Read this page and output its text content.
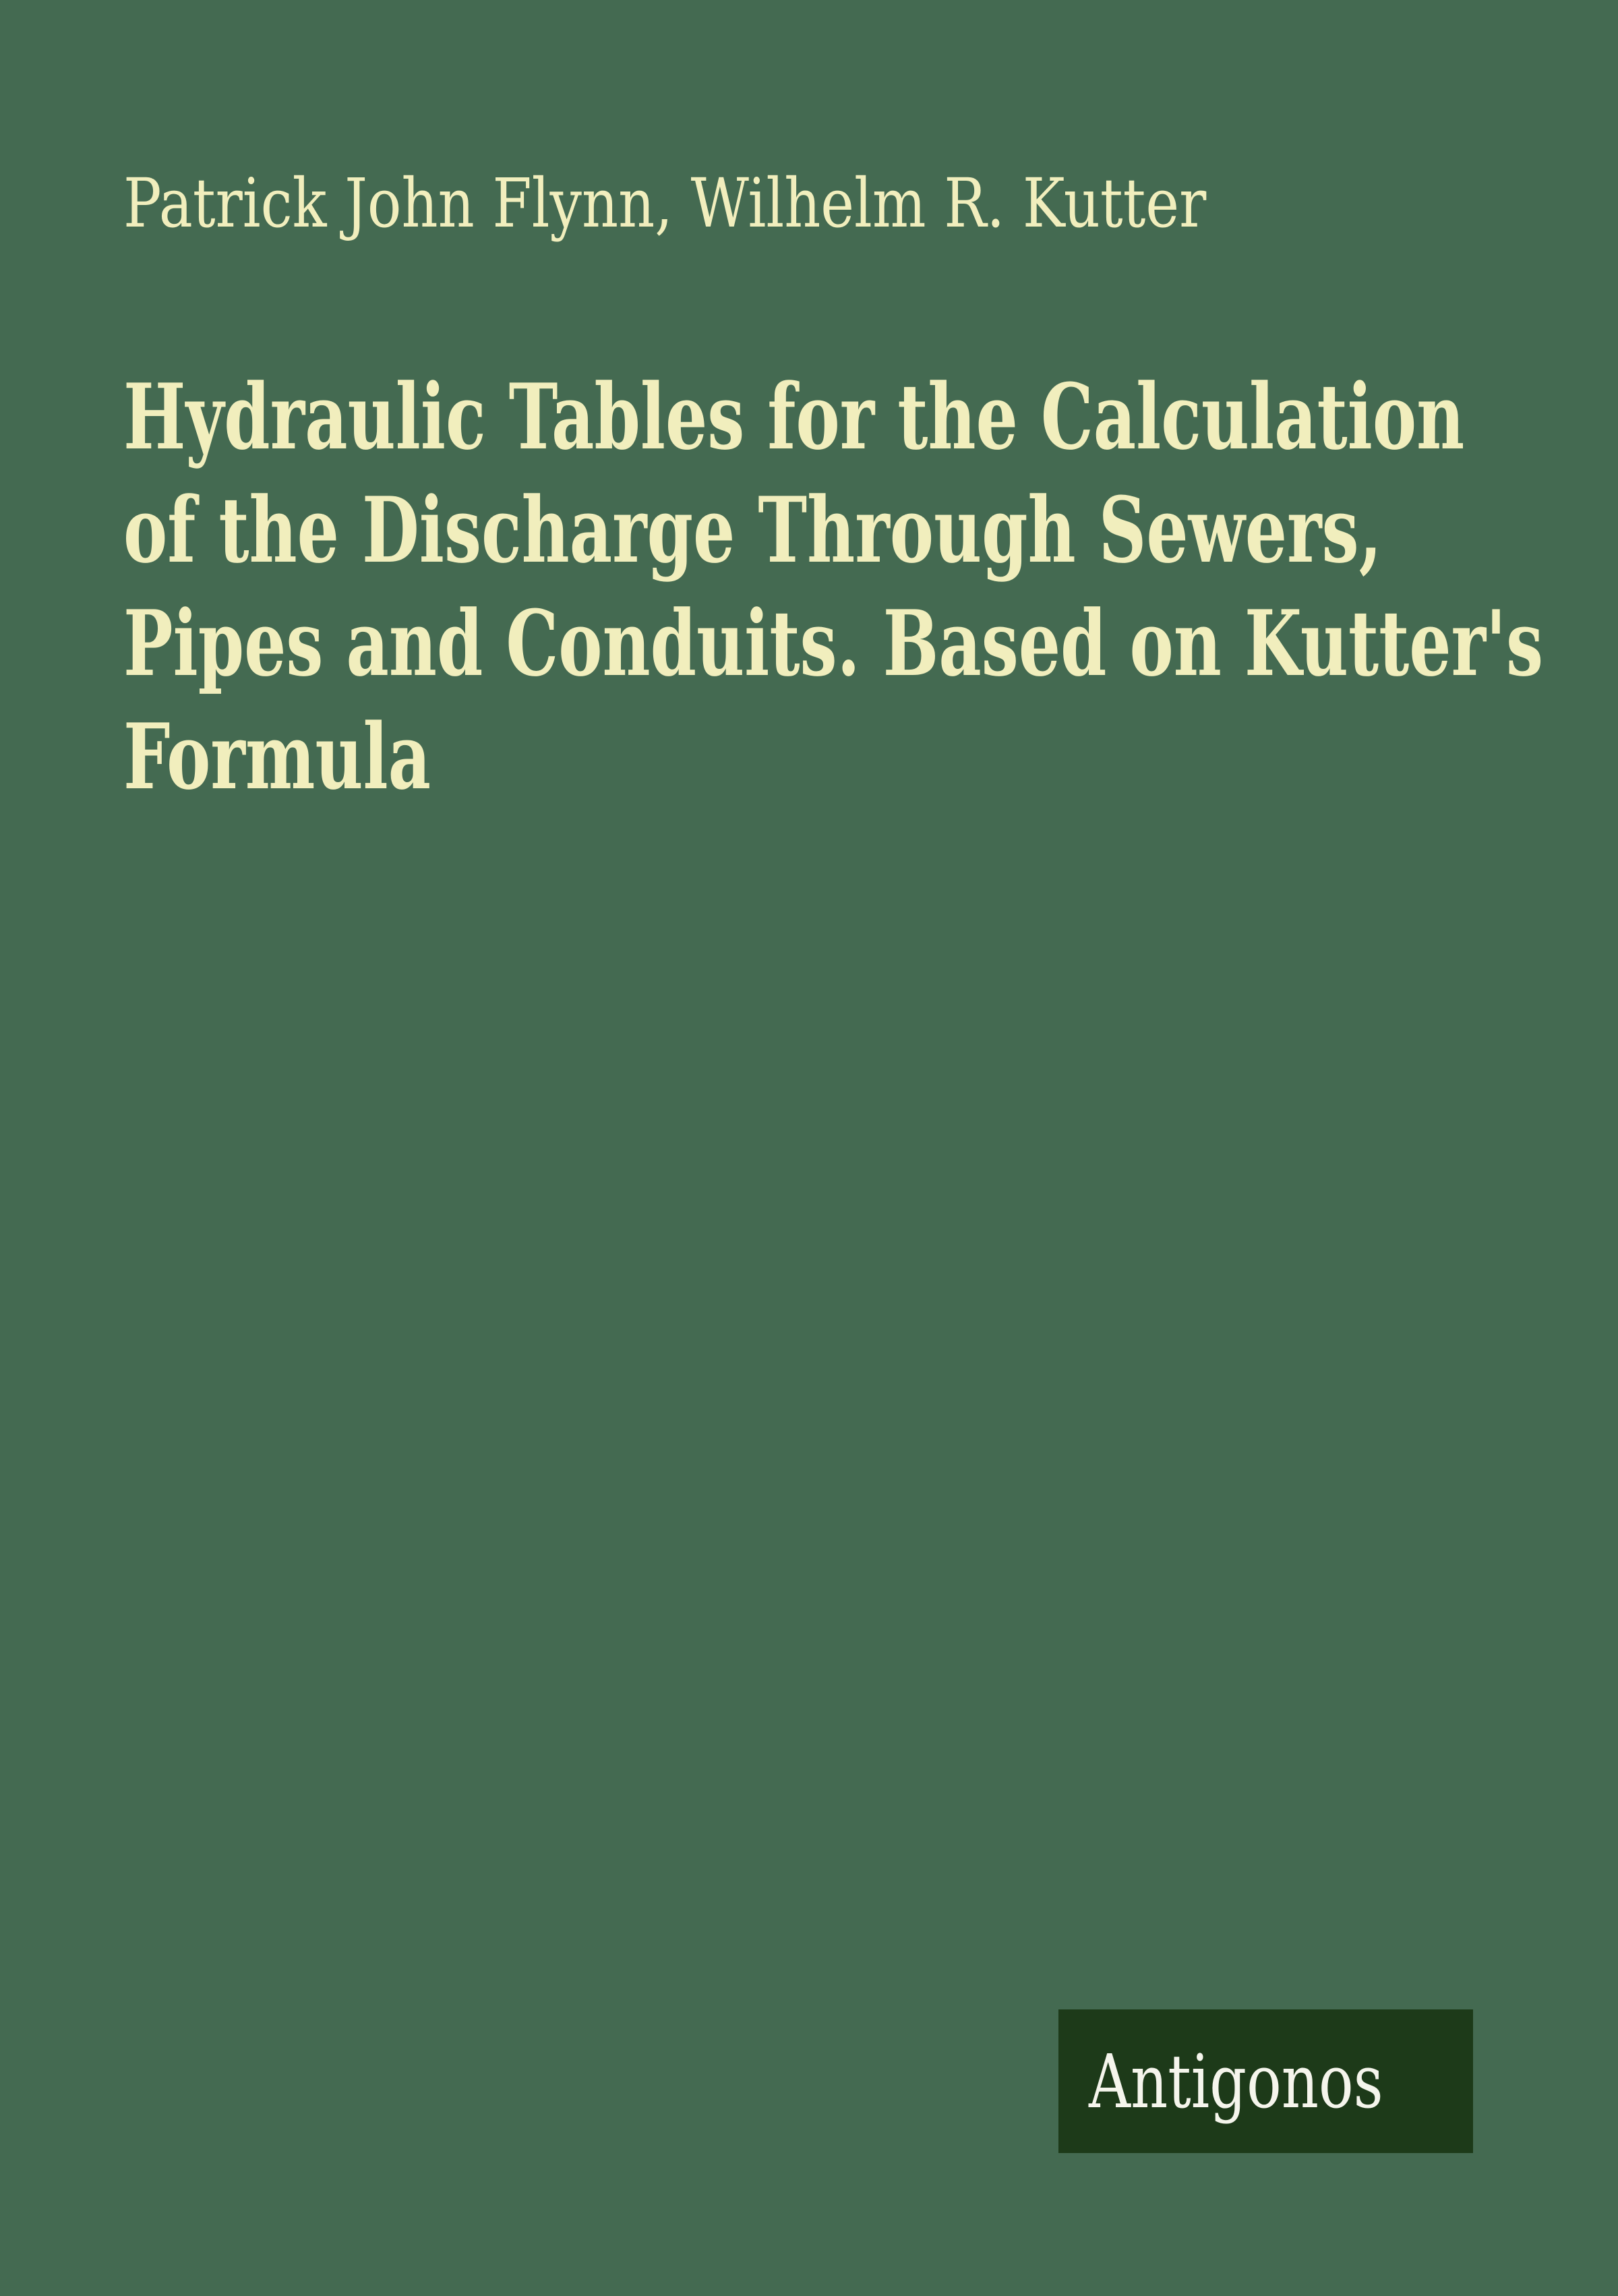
Patrick John Flynn, Wilhelm R. Kutter
Hydraulic Tables for the Calculation
of the Discharge Through Sewers,
Pipes and Conduits. Based on Kutter's
Formula
Antigonos
